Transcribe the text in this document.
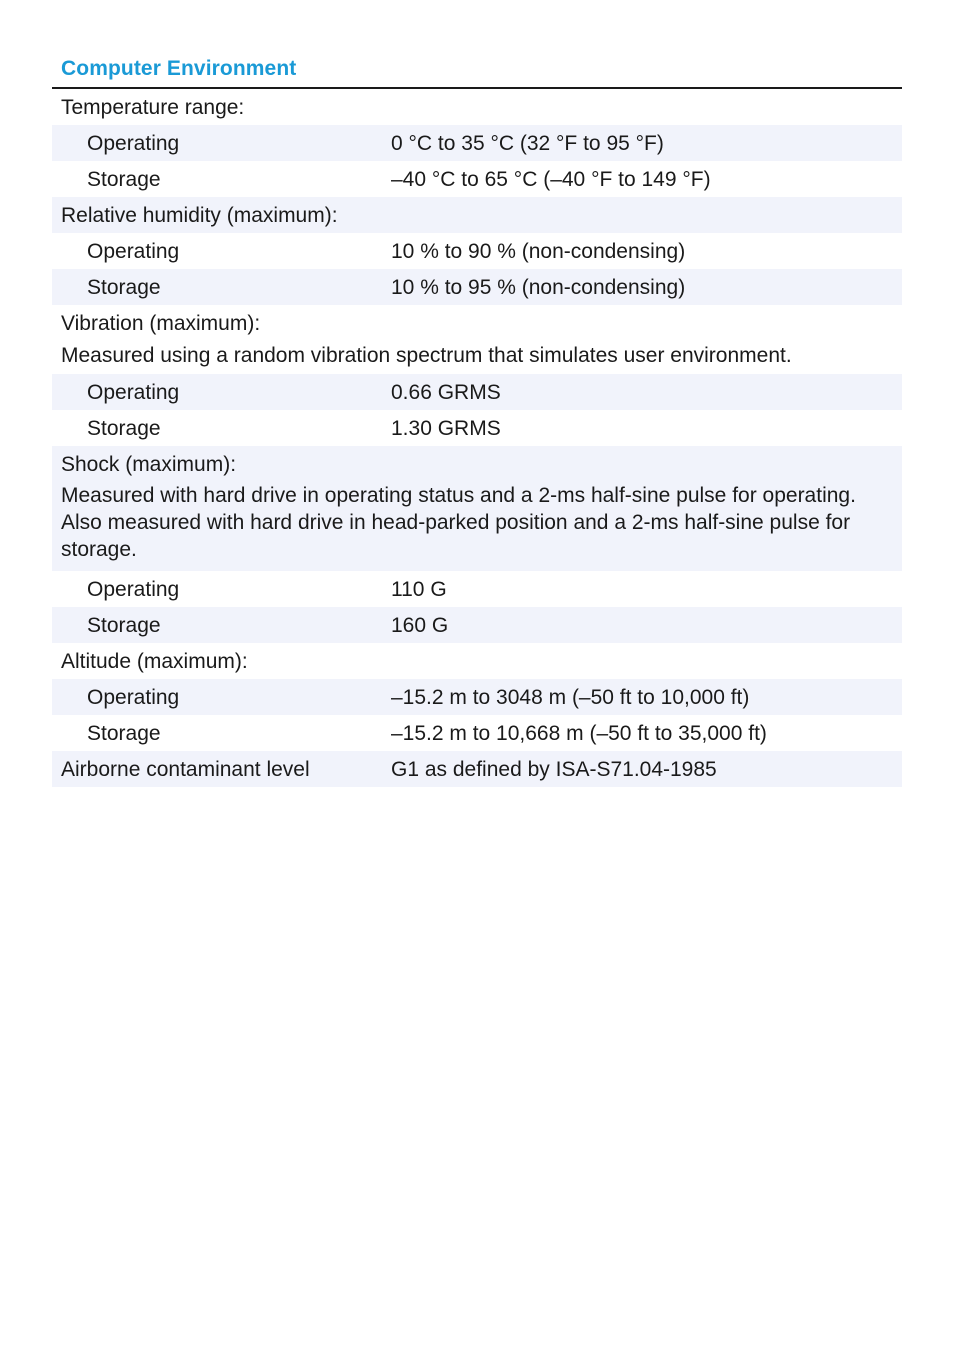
Computer Environment
Temperature range:
Operating	0 °C to 35 °C (32 °F to 95 °F)
Storage	–40 °C to 65 °C (–40 °F to 149 °F)
Relative humidity (maximum):
Operating	10 % to 90 % (non-condensing)
Storage	10 % to 95 % (non-condensing)
Vibration (maximum):
Measured using a random vibration spectrum that simulates user environment.
Operating	0.66 GRMS
Storage	1.30 GRMS
Shock (maximum):
Measured with hard drive in operating status and a 2-ms half-sine pulse for operating. Also measured with hard drive in head-parked position and a 2-ms half-sine pulse for storage.
Operating	110 G
Storage	160 G
Altitude (maximum):
Operating	–15.2 m to 3048 m (–50 ft to 10,000 ft)
Storage	–15.2 m to 10,668 m (–50 ft to 35,000 ft)
Airborne contaminant level	G1 as defined by ISA-S71.04-1985
